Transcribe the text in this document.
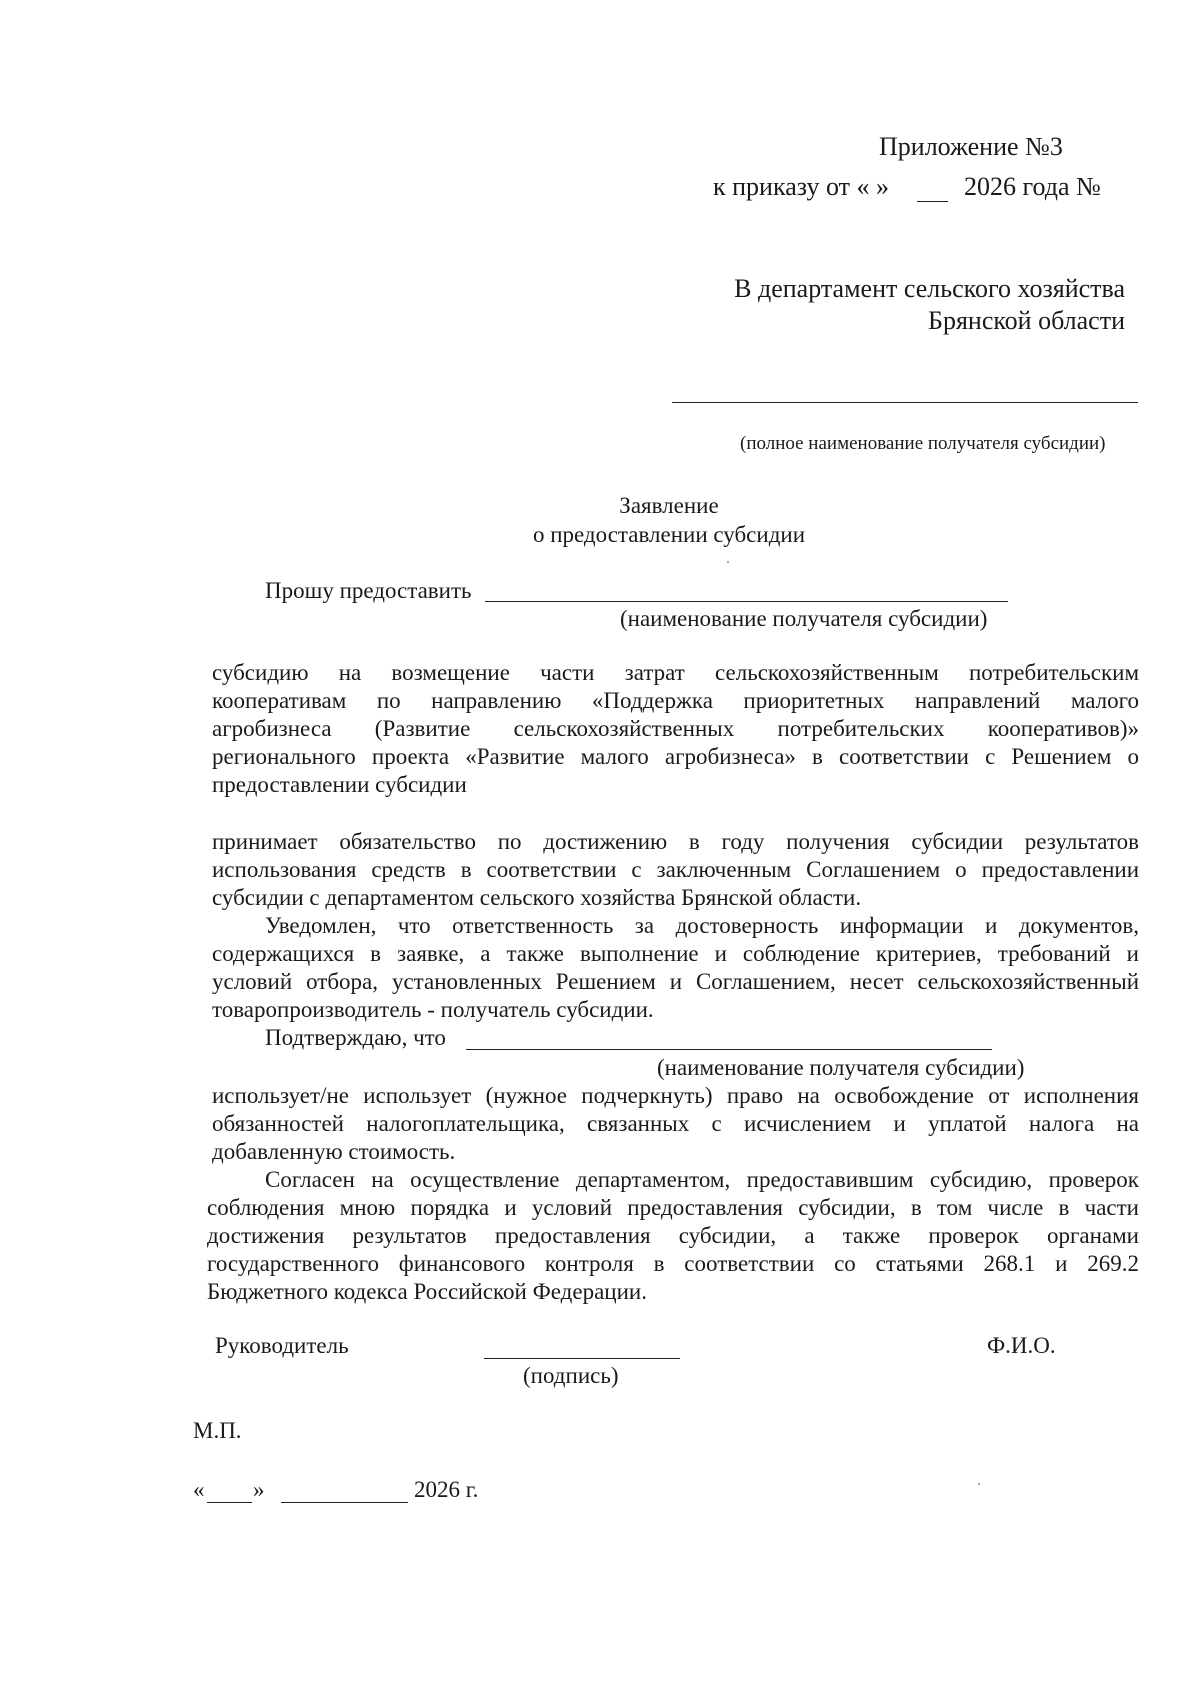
Приложение №3
к приказу от « »	2026 года №
В департамент сельского хозяйства
Брянской области
(полное наименование получателя субсидии)
Заявление
о предоставлении субсидии
Прошу предоставить
(наименование получателя субсидии)
субсидию на возмещение части затрат сельскохозяйственным потребительским
кооперативам по направлению «Поддержка приоритетных направлений малого
агробизнеса (Развитие сельскохозяйственных потребительских кооперативов)»
регионального проекта «Развитие малого агробизнеса» в соответствии с Решением о
предоставлении субсидии
принимает обязательство по достижению в году получения субсидии результатов
использования средств в соответствии с заключенным Соглашением о предоставлении
субсидии с департаментом сельского хозяйства Брянской области.
Уведомлен, что ответственность за достоверность информации и документов,
содержащихся в заявке, а также выполнение и соблюдение критериев, требований и
условий отбора, установленных Решением и Соглашением, несет сельскохозяйственный
товаропроизводитель - получатель субсидии.
Подтверждаю, что
(наименование получателя субсидии)
использует/не использует (нужное подчеркнуть) право на освобождение от исполнения
обязанностей налогоплательщика, связанных с исчислением и уплатой налога на
добавленную стоимость.
Согласен на осуществление департаментом, предоставившим субсидию, проверок
соблюдения мною порядка и условий предоставления субсидии, в том числе в части
достижения результатов предоставления субсидии, а также проверок органами
государственного финансового контроля в соответствии со статьями 268.1 и 269.2
Бюджетного кодекса Российской Федерации.
Руководитель
(подпись)
Ф.И.О.
М.П.
« »	2026 г.
